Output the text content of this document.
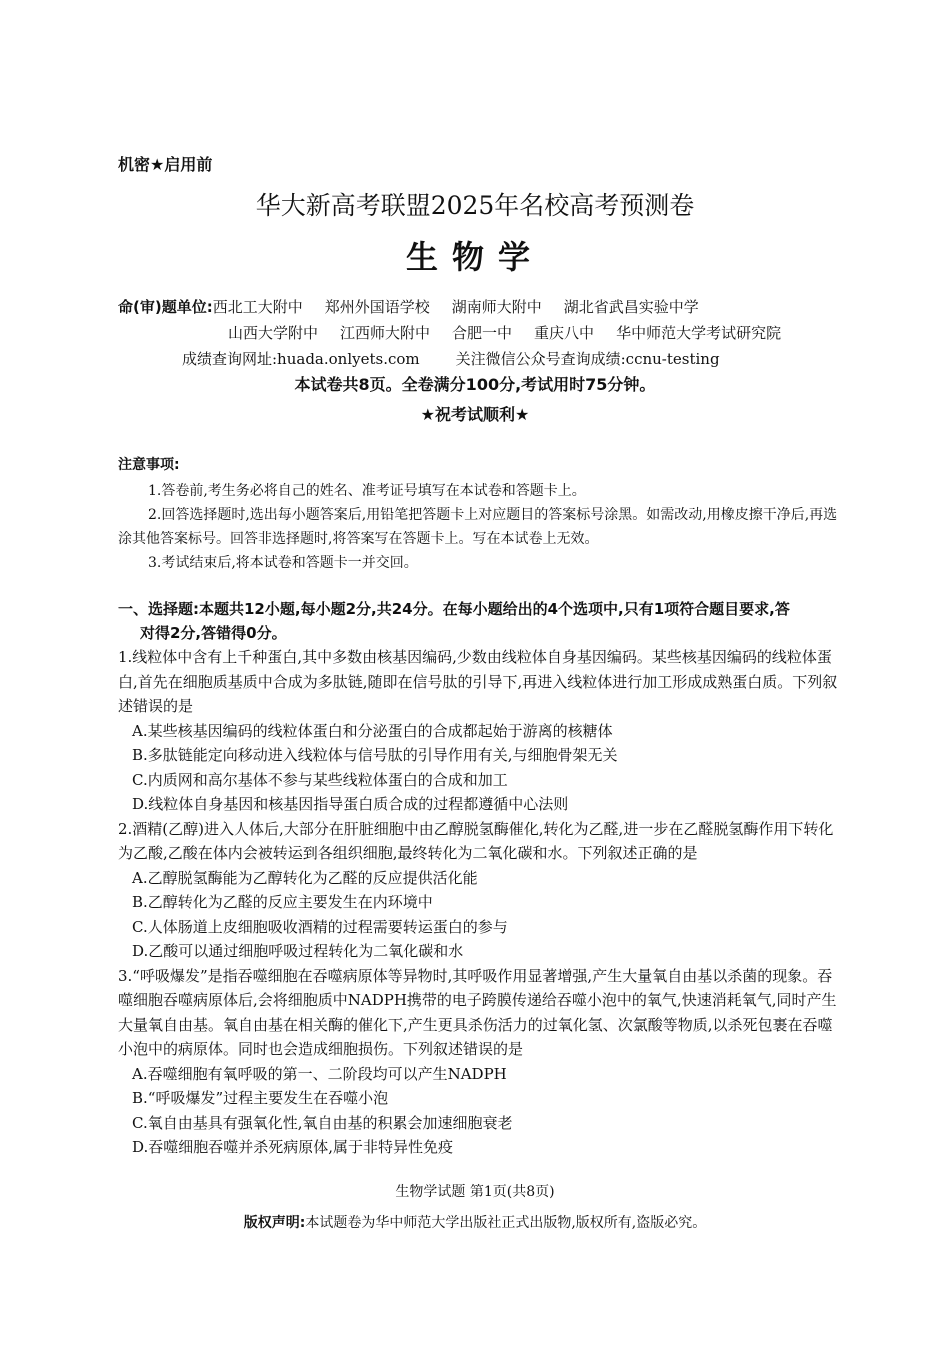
机密★启用前
华大新高考联盟2025年名校高考预测卷
生物学
命(审)题单位:西北工大附中 郑州外国语学校 湖南师大附中 湖北省武昌实验中学
山西大学附中 江西师大附中 合肥一中 重庆八中 华中师范大学考试研究院
成绩查询网址:huada.onlyets.com 关注微信公众号查询成绩:ccnu-testing
本试卷共8页。全卷满分100分,考试用时75分钟。
★祝考试顺利★
注意事项:

1.答卷前,考生务必将自己的姓名、准考证号填写在本试卷和答题卡上。

2.回答选择题时,选出每小题答案后,用铅笔把答题卡上对应题目的答案标号涂黑。如需改动,用橡皮擦干净后,再选涂其他答案标号。回答非选择题时,将答案写在答题卡上。写在本试卷上无效。

3.考试结束后,将本试卷和答题卡一并交回。

一、选择题:本题共12小题,每小题2分,共24分。在每小题给出的4个选项中,只有1项符合题目要求,答
对得2分,答错得0分。

1.线粒体中含有上千种蛋白,其中多数由核基因编码,少数由线粒体自身基因编码。某些核基因编码的线粒体蛋白,首先在细胞质基质中合成为多肽链,随即在信号肽的引导下,再进入线粒体进行加工形成成熟蛋白质。下列叙述错误的是

A.某些核基因编码的线粒体蛋白和分泌蛋白的合成都起始于游离的核糖体

B.多肽链能定向移动进入线粒体与信号肽的引导作用有关,与细胞骨架无关

C.内质网和高尔基体不参与某些线粒体蛋白的合成和加工

D.线粒体自身基因和核基因指导蛋白质合成的过程都遵循中心法则

2.酒精(乙醇)进入人体后,大部分在肝脏细胞中由乙醇脱氢酶催化,转化为乙醛,进一步在乙醛脱氢酶作用下转化为乙酸,乙酸在体内会被转运到各组织细胞,最终转化为二氧化碳和水。下列叙述正确的是

A.乙醇脱氢酶能为乙醇转化为乙醛的反应提供活化能

B.乙醇转化为乙醛的反应主要发生在内环境中

C.人体肠道上皮细胞吸收酒精的过程需要转运蛋白的参与

D.乙酸可以通过细胞呼吸过程转化为二氧化碳和水

3.“呼吸爆发”是指吞噬细胞在吞噬病原体等异物时,其呼吸作用显著增强,产生大量氧自由基以杀菌的现象。吞噬细胞吞噬病原体后,会将细胞质中NADPH携带的电子跨膜传递给吞噬小泡中的氧气,快速消耗氧气,同时产生大量氧自由基。氧自由基在相关酶的催化下,产生更具杀伤活力的过氧化氢、次氯酸等物质,以杀死包裹在吞噬小泡中的病原体。同时也会造成细胞损伤。下列叙述错误的是

A.吞噬细胞有氧呼吸的第一、二阶段均可以产生NADPH

B.“呼吸爆发”过程主要发生在吞噬小泡

C.氧自由基具有强氧化性,氧自由基的积累会加速细胞衰老

D.吞噬细胞吞噬并杀死病原体,属于非特异性免疫

生物学试题 第1页(共8页)
版权声明:本试题卷为华中师范大学出版社正式出版物,版权所有,盗版必究。
